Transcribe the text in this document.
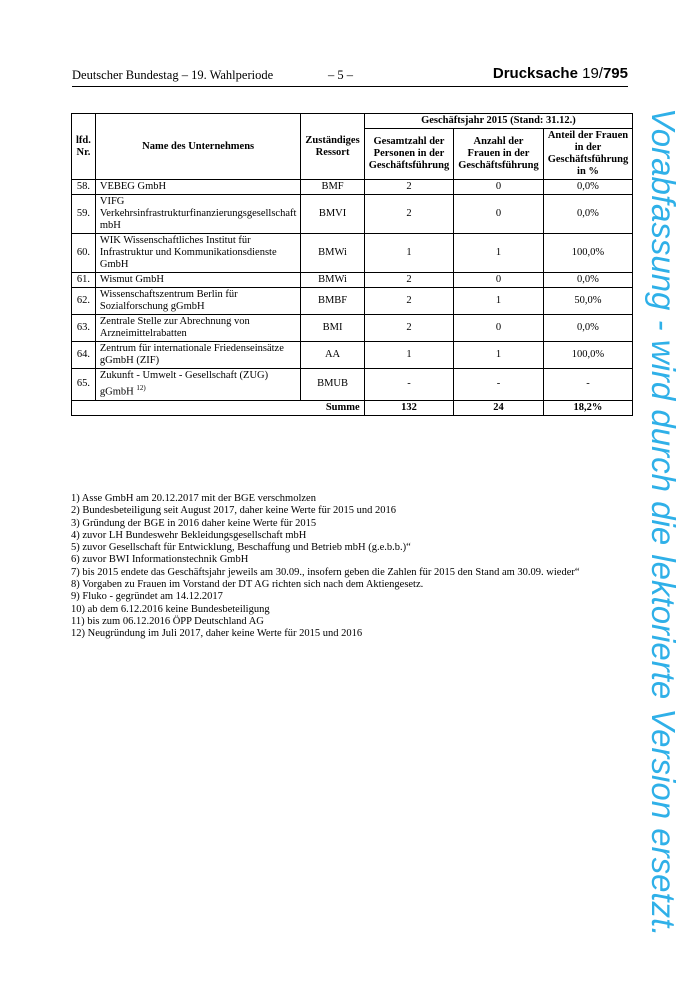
Deutscher Bundestag – 19. Wahlperiode	– 5 –	Drucksache 19/795
lfd. Nr.	Name des Unternehmens	Zuständiges Ressort	Geschäftsjahr 2015 (Stand: 31.12.)		
			Gesamtzahl der Personen in der Geschäftsführung	Anzahl der Frauen in der Geschäftsführung	Anteil der Frauen in der Geschäftsführung in %
58.	VEBEG GmbH	BMF	2	0	0,0%
59.	VIFG Verkehrsinfrastrukturfinanzierungsgesellschaft mbH	BMVI	2	0	0,0%
60.	WIK Wissenschaftliches Institut für Infrastruktur und Kommunikationsdienste GmbH	BMWi	1	1	100,0%
61.	Wismut GmbH	BMWi	2	0	0,0%
62.	Wissenschaftszentrum Berlin für Sozialforschung gGmbH	BMBF	2	1	50,0%
63.	Zentrale Stelle zur Abrechnung von Arzneimittelrabatten	BMI	2	0	0,0%
64.	Zentrum für internationale Friedenseinsätze gGmbH (ZIF)	AA	1	1	100,0%
65.	Zukunft - Umwelt - Gesellschaft (ZUG) gGmbH $^{12)}$	BMUB	-	-	-
Summe			132	24	18,2%
1) Asse GmbH am 20.12.2017 mit der BGE verschmolzen
2) Bundesbeteiligung seit August 2017, daher keine Werte für 2015 und 2016
3) Gründung der BGE in 2016 daher keine Werte für 2015
4) zuvor LH Bundeswehr Bekleidungsgesellschaft mbH
5) zuvor Gesellschaft für Entwicklung, Beschaffung und Betrieb mbH (g.e.b.b.)“
6) zuvor BWI Informationstechnik GmbH
7) bis 2015 endete das Geschäftsjahr jeweils am 30.09., insofern geben die Zahlen für 2015 den Stand am 30.09. wieder“
8) Vorgaben zu Frauen im Vorstand der DT AG richten sich nach dem Aktiengesetz.
9) Fluko - gegründet am 14.12.2017
10) ab dem 6.12.2016 keine Bundesbeteiligung
11) bis zum 06.12.2016 ÖPP Deutschland AG
12) Neugründung im Juli 2017, daher keine Werte für 2015 und 2016	Vorabfassung - wird durch die lektorierte Version ersetzt.
